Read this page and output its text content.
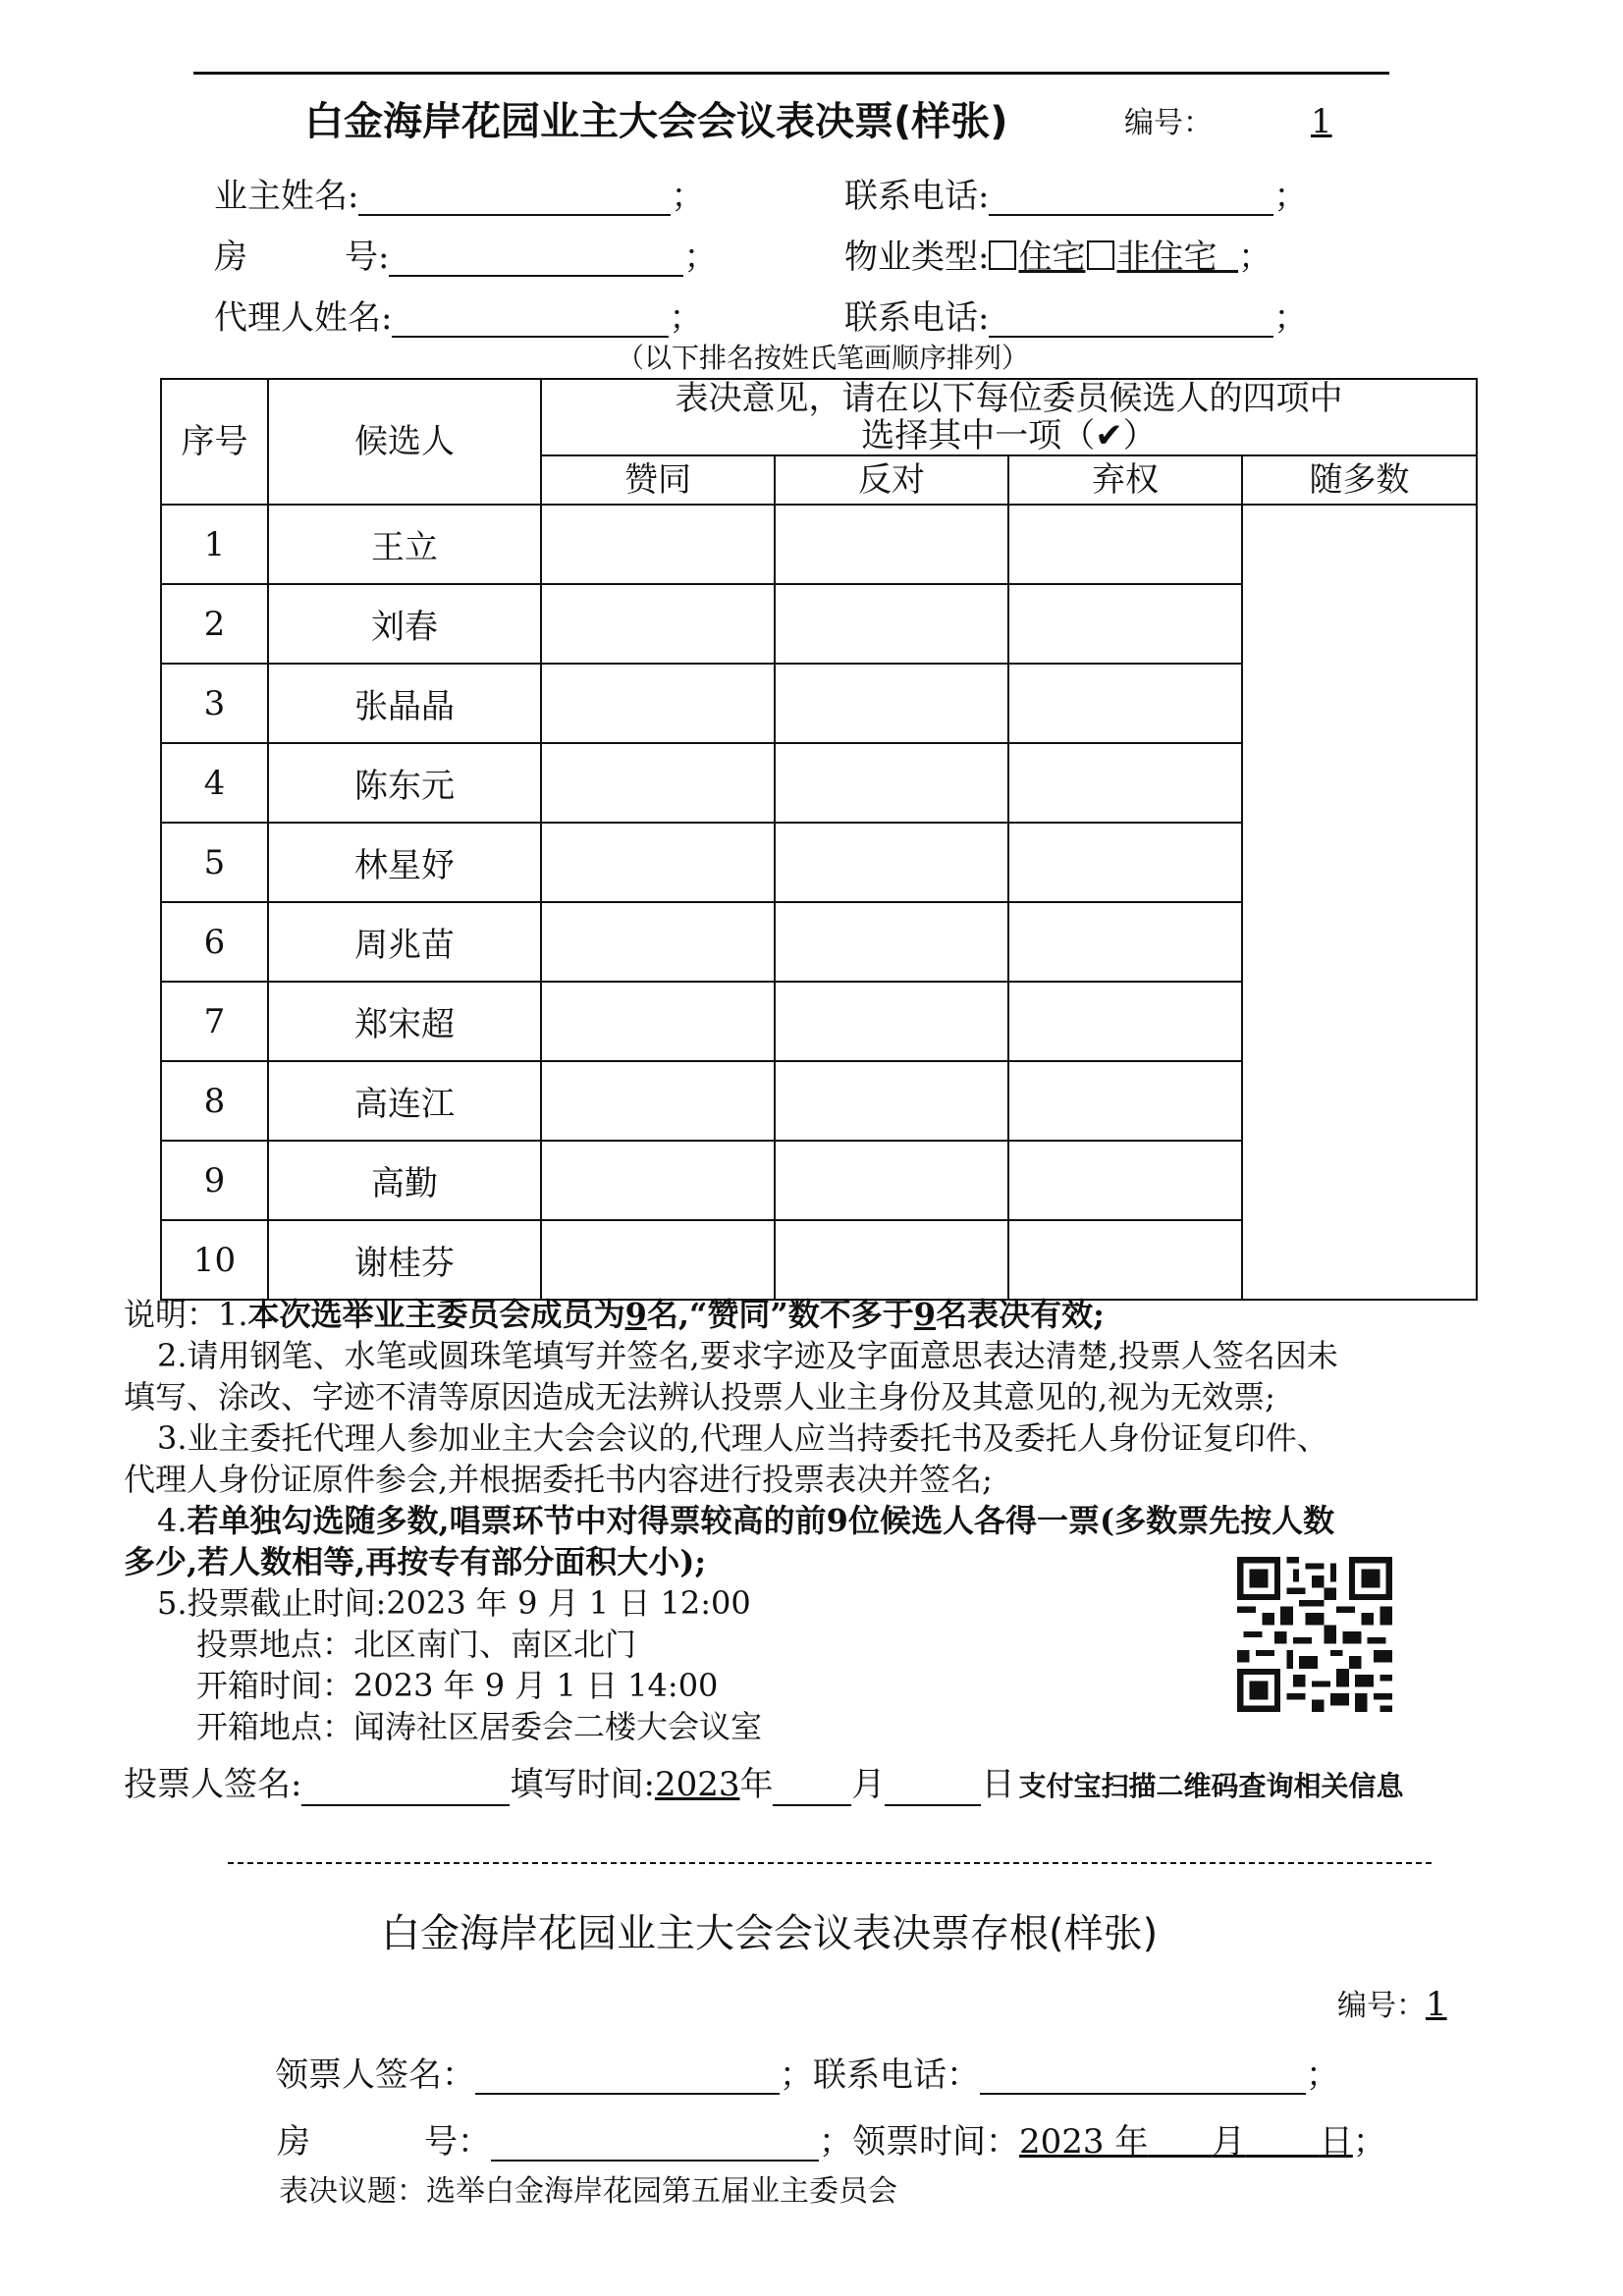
白金海岸花园业主大会会议表决票(样张)	编号：	1
业主姓名:	；	联系电话:	；
房	号:	；	物业类型: 住宅 非住宅 ；
代理人姓名:	；	联系电话:	；
（以下排名按姓氏笔画顺序排列）
序号	候选人	表决意见，请在以下每位委员候选人的四项中
选择其中一项（✔）			

		赞同	反对	弃权	随多数
1	王立				
2	刘春				
3	张晶晶				
4	陈东元				
5	林星妤				
6	周兆苗				
7	郑宋超				
8	高连江				
9	高勤				
10	谢桂芬				
说明：1.本次选举业主委员会成员为9名,“赞同”数不多于9名表决有效;
2.请用钢笔、水笔或圆珠笔填写并签名,要求字迹及字面意思表达清楚,投票人签名因未
填写、涂改、字迹不清等原因造成无法辨认投票人业主身份及其意见的,视为无效票;
3.业主委托代理人参加业主大会会议的,代理人应当持委托书及委托人身份证复印件、
代理人身份证原件参会,并根据委托书内容进行投票表决并签名;
4.若单独勾选随多数,唱票环节中对得票较高的前9位候选人各得一票(多数票先按人数
多少,若人数相等,再按专有部分面积大小);
5.投票截止时间:2023 年 9 月 1 日 12:00
投票地点：北区南门、南区北门
开箱时间：2023 年 9 月 1 日 14:00
开箱地点：闻涛社区居委会二楼大会议室
投票人签名:	填写时间:2023年 月	日 支付宝扫描二维码查询相关信息
白金海岸花园业主大会会议表决票存根(样张)
编号：1
领票人签名：	；联系电话：	；
房	号：	；领票时间：2023 年 月 日；
表决议题：选举白金海岸花园第五届业主委员会
